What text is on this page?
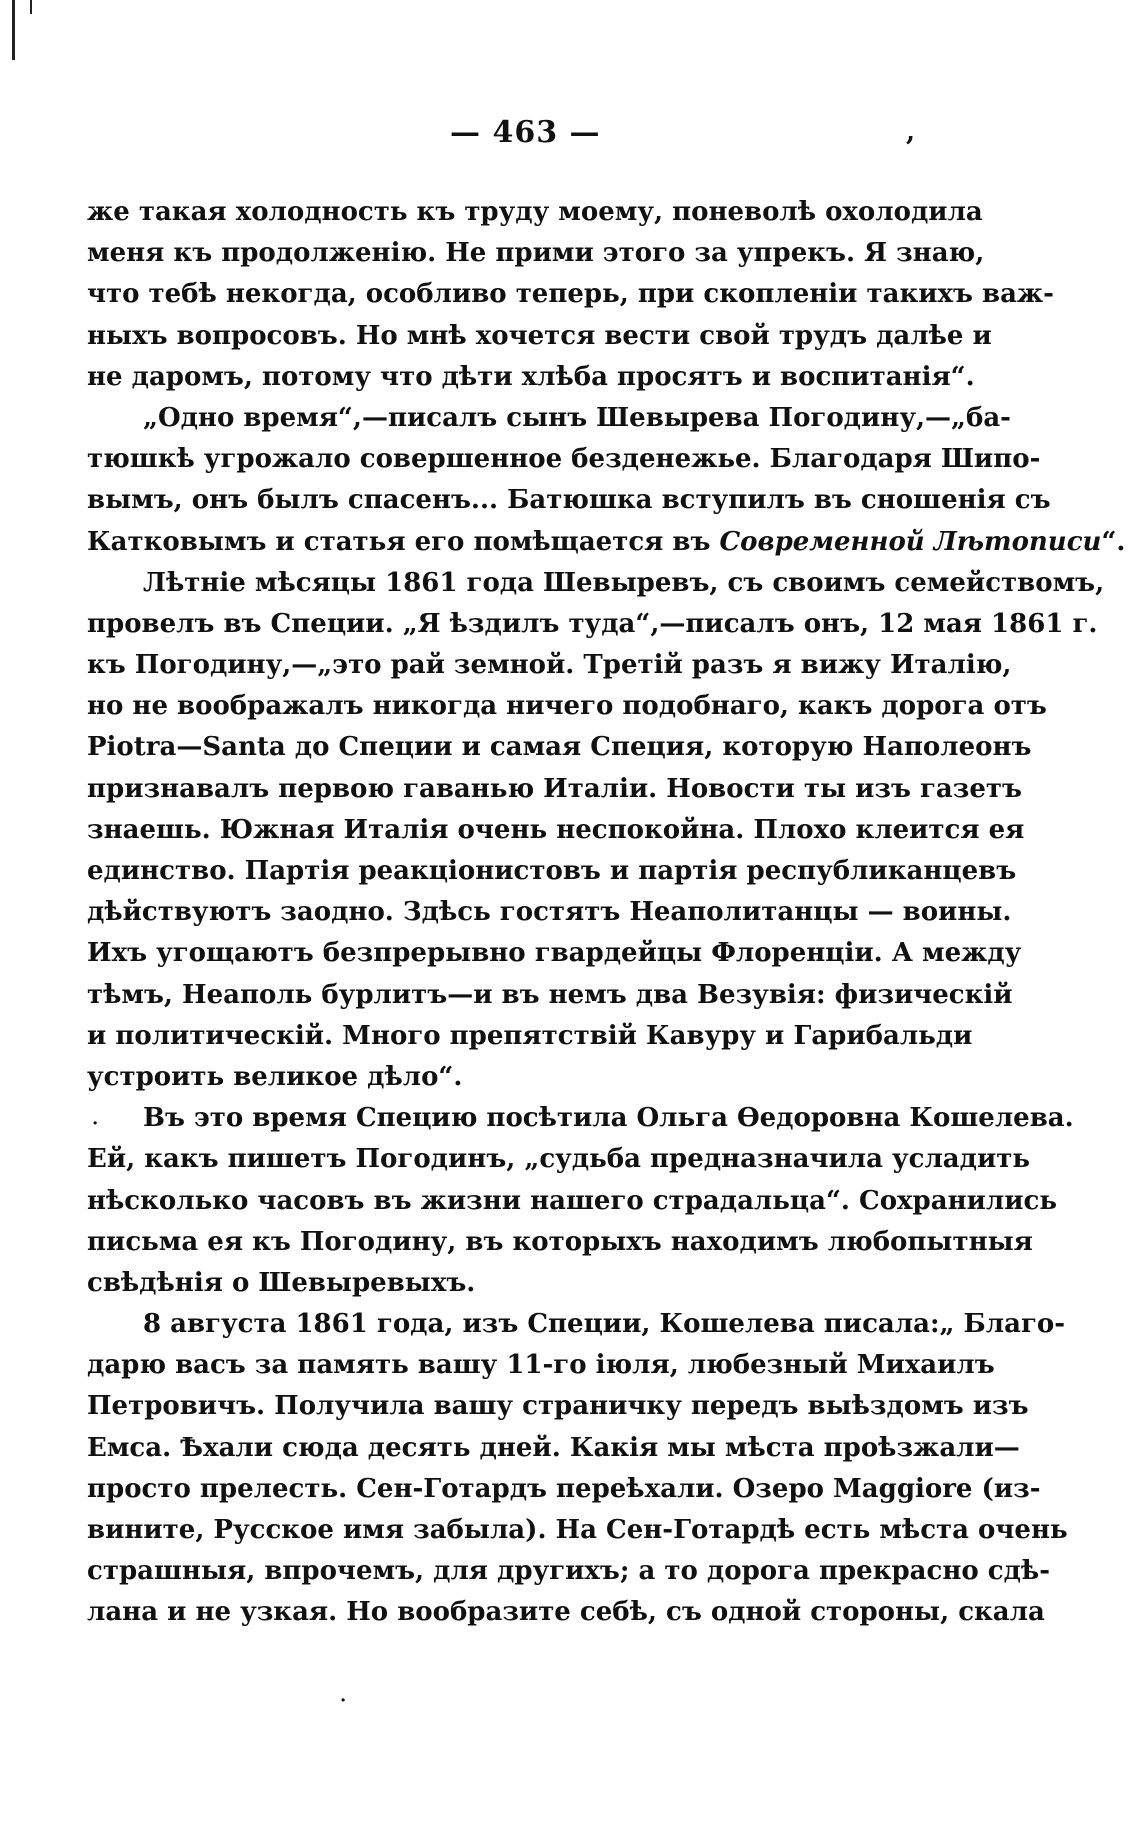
— 463 —	,
же такая холодность къ труду моему, поневолѣ охолодила
меня къ продолженію. Не прими этого за упрекъ. Я знаю,
что тебѣ некогда, особливо теперь, при скопленіи такихъ важ-
ныхъ вопросовъ. Но мнѣ хочется вести свой трудъ далѣе и
не даромъ, потому что дѣти хлѣба просятъ и воспитанія“.
„Одно время“,—писалъ сынъ Шевырева Погодину,—„ба-
тюшкѣ угрожало совершенное безденежье. Благодаря Шипо-
вымъ, онъ былъ спасенъ... Батюшка вступилъ въ сношенія съ
Катковымъ и статья его помѣщается въ Современной Лѣтописи“.
Лѣтніе мѣсяцы 1861 года Шевыревъ, съ своимъ семействомъ,
провелъ въ Специи. „Я ѣздилъ туда“,—писалъ онъ, 12 мая 1861 г.
къ Погодину,—„это рай земной. Третій разъ я вижу Италію,
но не воображалъ никогда ничего подобнаго, какъ дорога отъ
Piotra—Santa до Специи и самая Специя, которую Наполеонъ
признавалъ первою гаванью Италіи. Новости ты изъ газетъ
знаешь. Южная Италія очень неспокойна. Плохо клеится ея
единство. Партія реакціонистовъ и партія республиканцевъ
дѣйствуютъ заодно. Здѣсь гостятъ Неаполитанцы — воины.
Ихъ угощаютъ безпрерывно гвардейцы Флоренціи. А между
тѣмъ, Неаполь бурлитъ—и въ немъ два Везувія: физическій
и политическій. Много препятствій Кавуру и Гарибальди
устроить великое дѣло“.
Въ это время Специю посѣтила Ольга Ѳедоровна Кошелева.
Ей, какъ пишетъ Погодинъ, „судьба предназначила усладить
нѣсколько часовъ въ жизни нашего страдальца“. Сохранились
письма ея къ Погодину, въ которыхъ находимъ любопытныя
свѣдѣнія о Шевыревыхъ.
8 августа 1861 года, изъ Специи, Кошелева писала:„ Благо-
дарю васъ за память вашу 11-го іюля, любезный Михаилъ
Петровичъ. Получила вашу страничку передъ выѣздомъ изъ
Емса. Ѣхали сюда десять дней. Какія мы мѣста проѣзжали—
просто прелесть. Сен-Готардъ переѣхали. Озеро Maggiore (из-
вините, Русское имя забыла). На Сен-Готардѣ есть мѣста очень
страшныя, впрочемъ, для другихъ; а то дорога прекрасно сдѣ-
лана и не узкая. Но вообразите себѣ, съ одной стороны, скала
·
·
